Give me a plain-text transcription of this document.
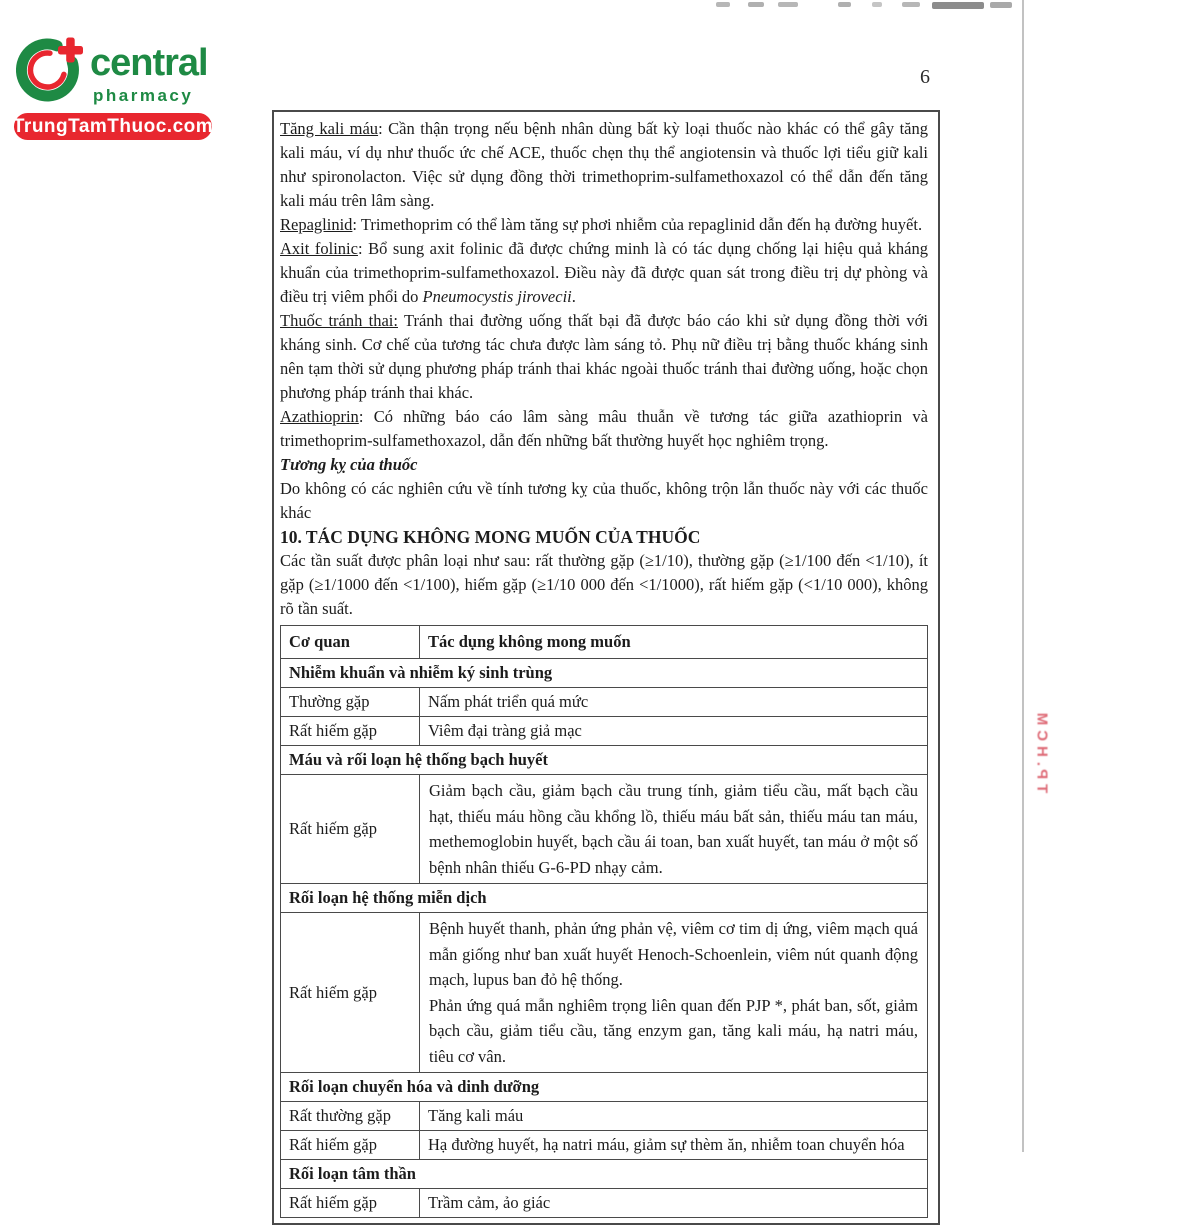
central
pharmacy
TrungTamThuoc.com
6
TP.HCM

Tăng kali máu: Cần thận trọng nếu bệnh nhân dùng bất kỳ loại thuốc nào khác có thể gây tăng kali máu, ví dụ như thuốc ức chế ACE, thuốc chẹn thụ thể angiotensin và thuốc lợi tiểu giữ kali như spironolacton. Việc sử dụng đồng thời trimethoprim-sulfamethoxazol có thể dẫn đến tăng kali máu trên lâm sàng.

Repaglinid: Trimethoprim có thể làm tăng sự phơi nhiễm của repaglinid dẫn đến hạ đường huyết.

Axit folinic: Bổ sung axit folinic đã được chứng minh là có tác dụng chống lại hiệu quả kháng khuẩn của trimethoprim-sulfamethoxazol. Điều này đã được quan sát trong điều trị dự phòng và điều trị viêm phổi do Pneumocystis jirovecii.

Thuốc tránh thai: Tránh thai đường uống thất bại đã được báo cáo khi sử dụng đồng thời với kháng sinh. Cơ chế của tương tác chưa được làm sáng tỏ. Phụ nữ điều trị bằng thuốc kháng sinh nên tạm thời sử dụng phương pháp tránh thai khác ngoài thuốc tránh thai đường uống, hoặc chọn phương pháp tránh thai khác.

Azathioprin: Có những báo cáo lâm sàng mâu thuẫn về tương tác giữa azathioprin và trimethoprim-sulfamethoxazol, dẫn đến những bất thường huyết học nghiêm trọng.

Tương kỵ của thuốc

Do không có các nghiên cứu về tính tương kỵ của thuốc, không trộn lẫn thuốc này với các thuốc khác

10. TÁC DỤNG KHÔNG MONG MUỐN CỦA THUỐC

Các tần suất được phân loại như sau: rất thường gặp (≥1/10), thường gặp (≥1/100 đến <1/10), ít gặp (≥1/1000 đến <1/100), hiếm gặp (≥1/10 000 đến <1/1000), rất hiếm gặp (<1/10 000), không rõ tần suất.

Cơ quan	Tác dụng không mong muốn
Nhiễm khuẩn và nhiễm ký sinh trùng	
Thường gặp	Nấm phát triển quá mức
Rất hiếm gặp	Viêm đại tràng giả mạc
Máu và rối loạn hệ thống bạch huyết	
Rất hiếm gặp	Giảm bạch cầu, giảm bạch cầu trung tính, giảm tiểu cầu, mất bạch cầu hạt, thiếu máu hồng cầu khổng lồ, thiếu máu bất sản, thiếu máu tan máu, methemoglobin huyết, bạch cầu ái toan, ban xuất huyết, tan máu ở một số bệnh nhân thiếu G-6-PD nhạy cảm.
Rối loạn hệ thống miễn dịch	
Rất hiếm gặp	Bệnh huyết thanh, phản ứng phản vệ, viêm cơ tim dị ứng, viêm mạch quá mẫn giống như ban xuất huyết Henoch-Schoenlein, viêm nút quanh động mạch, lupus ban đỏ hệ thống.
Phản ứng quá mẫn nghiêm trọng liên quan đến PJP *, phát ban, sốt, giảm bạch cầu, giảm tiểu cầu, tăng enzym gan, tăng kali máu, hạ natri máu, tiêu cơ vân.

Rối loạn chuyển hóa và dinh dưỡng	
Rất thường gặp	Tăng kali máu
Rất hiếm gặp	Hạ đường huyết, hạ natri máu, giảm sự thèm ăn, nhiễm toan chuyển hóa
Rối loạn tâm thần	
Rất hiếm gặp	Trầm cảm, ảo giác
